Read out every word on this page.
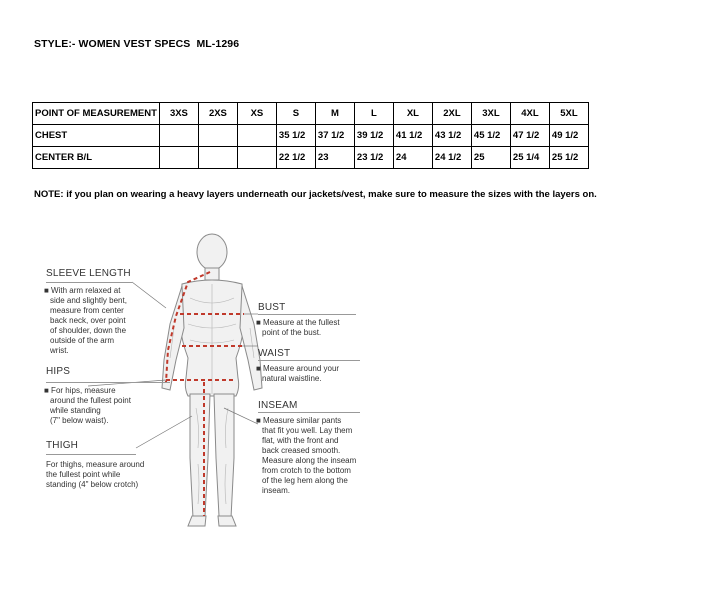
STYLE:- WOMEN VEST SPECS  ML-1296
POINT OF MEASUREMENT	3XS	2XS	XS	S	M	L	XL	2XL	3XL	4XL	5XL
CHEST				35 1/2	37 1/2	39 1/2	41 1/2	43 1/2	45 1/2	47 1/2	49 1/2
CENTER B/L				22 1/2	23	23 1/2	24	24 1/2	25	25 1/4	25 1/2
NOTE: if you plan on wearing a heavy layers underneath our jackets/vest, make sure to measure the sizes with the layers on.
SLEEVE LENGTH
■ With arm relaxed at
side and slightly bent,
measure from center
back neck, over point
of shoulder, down the
outside of the arm
wrist.
HIPS
■ For hips, measure
around the fullest point
while standing
(7" below waist).
THIGH
For thighs, measure around
the fullest point while
standing (4" below crotch)
BUST
■ Measure at the fullest
point of the bust.
WAIST
■ Measure around your
natural waistline.
INSEAM
■ Measure similar pants
that fit you well. Lay them
flat, with the front and
back creased smooth.
Measure along the inseam
from crotch to the bottom
of the leg hem along the
inseam.
